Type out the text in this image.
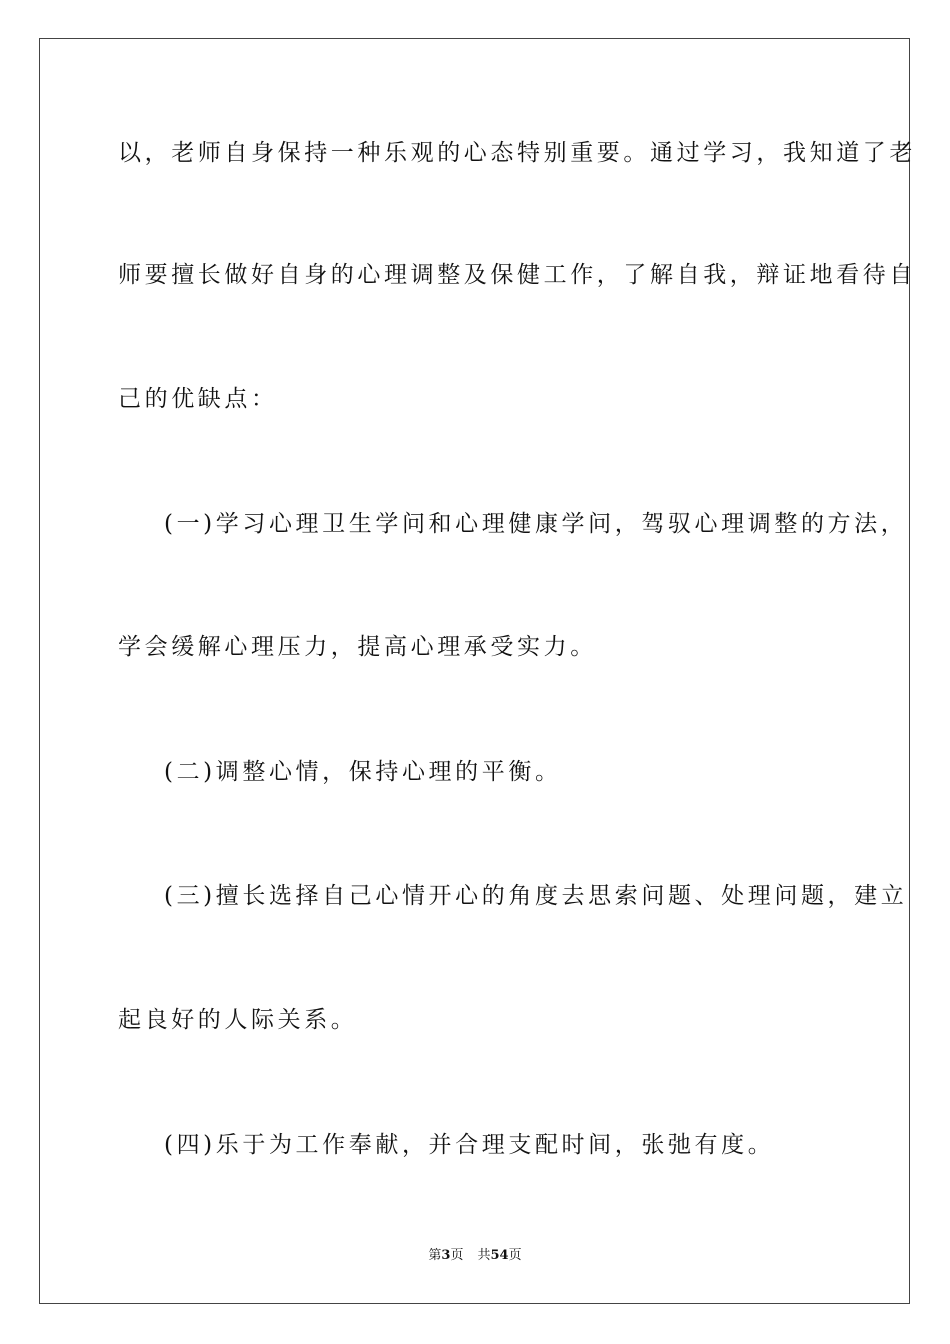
以，老师自身保持一种乐观的心态特别重要。通过学习，我知道了老
师要擅长做好自身的心理调整及保健工作，了解自我，辩证地看待自
己的优缺点：
(一)学习心理卫生学问和心理健康学问，驾驭心理调整的方法，
学会缓解心理压力，提高心理承受实力。
(二)调整心情，保持心理的平衡。
(三)擅长选择自己心情开心的角度去思索问题、处理问题，建立
起良好的人际关系。
(四)乐于为工作奉献，并合理支配时间，张弛有度。
第3页 共54页
